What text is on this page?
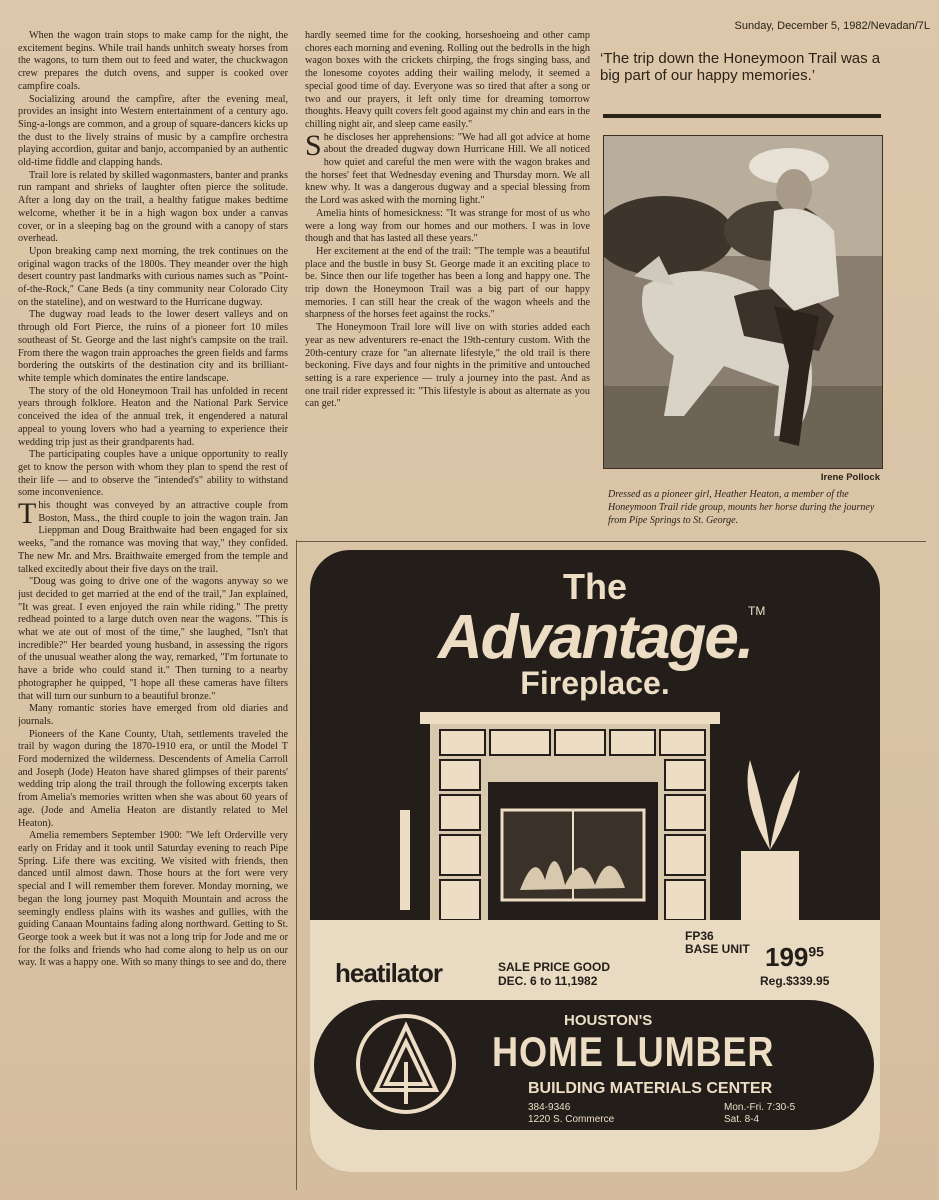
Sunday, December 5, 1982/Nevadan/7L

When the wagon train stops to make camp for the night, the excitement begins. While trail hands unhitch sweaty horses from the wagons, to turn them out to feed and water, the chuckwagon crew prepares the dutch ovens, and supper is cooked over campfire coals.

Socializing around the campfire, after the evening meal, provides an insight into Western entertainment of a century ago. Sing-a-longs are common, and a group of square-dancers kicks up the dust to the lively strains of music by a campfire orchestra playing accordion, guitar and banjo, accompanied by an authentic old-time fiddle and clapping hands.

Trail lore is related by skilled wagonmasters, banter and pranks run rampant and shrieks of laughter often pierce the solitude. After a long day on the trail, a healthy fatigue makes bedtime welcome, whether it be in a high wagon box under a canvas cover, or in a sleeping bag on the ground with a canopy of stars overhead.

Upon breaking camp next morning, the trek continues on the original wagon tracks of the 1800s. They meander over the high desert country past landmarks with curious names such as "Point-of-the-Rock," Cane Beds (a tiny community near Colorado City on the stateline), and on westward to the Hurricane dugway.

The dugway road leads to the lower desert valleys and on through old Fort Pierce, the ruins of a pioneer fort 10 miles southeast of St. George and the last night's campsite on the trail. From there the wagon train approaches the green fields and farms bordering the outskirts of the destination city and its brilliant-white temple which dominates the entire landscape.

The story of the old Honeymoon Trail has unfolded in recent years through folklore. Heaton and the National Park Service conceived the idea of the annual trek, it engendered a natural appeal to young lovers who had a yearning to experience their wedding trip just as their grandparents had.

The participating couples have a unique opportunity to really get to know the person with whom they plan to spend the rest of their life — and to observe the "intended's" ability to withstand some inconvenience.

This thought was conveyed by an attractive couple from Boston, Mass., the third couple to join the wagon train. Jan Lieppman and Doug Braithwaite had been engaged for six weeks, "and the romance was moving that way," they confided. The new Mr. and Mrs. Braithwaite emerged from the temple and talked excitedly about their five days on the trail.

"Doug was going to drive one of the wagons anyway so we just decided to get married at the end of the trail," Jan explained, "It was great. I even enjoyed the rain while riding." The pretty redhead pointed to a large dutch oven near the wagons. "This is what we ate out of most of the time," she laughed, "Isn't that incredible?" Her bearded young husband, in assessing the rigors of the unusual weather along the way, remarked, "I'm fortunate to have a bride who could stand it." Then turning to a nearby photographer he quipped, "I hope all these cameras have filters that will turn our sunburn to a beautiful bronze."

Many romantic stories have emerged from old diaries and journals.

Pioneers of the Kane County, Utah, settlements traveled the trail by wagon during the 1870-1910 era, or until the Model T Ford modernized the wilderness. Descendents of Amelia Carroll and Joseph (Jode) Heaton have shared glimpses of their parents' wedding trip along the trail through the following excerpts taken from Amelia's memories written when she was about 60 years of age. (Jode and Amelia Heaton are distantly related to Mel Heaton).

Amelia remembers September 1900: "We left Orderville very early on Friday and it took until Saturday evening to reach Pipe Spring. Life there was exciting. We visited with friends, then danced until almost dawn. Those hours at the fort were very special and I will remember them forever. Monday morning, we began the long journey past Moquith Mountain and across the seemingly endless plains with its washes and gullies, with the guiding Canaan Mountains fading along northward. Getting to St. George took a week but it was not a long trip for Jode and me or for the folks and friends who had come along to help us on our way. It was a happy one. With so many things to see and do, there

hardly seemed time for the cooking, horseshoeing and other camp chores each morning and evening. Rolling out the bedrolls in the high wagon boxes with the crickets chirping, the frogs singing bass, and the lonesome coyotes adding their wailing melody, it seemed a special good time of day. Everyone was so tired that after a song or two and our prayers, it left only time for dreaming tomorrow thoughts. Heavy quilt covers felt good against my chin and ears in the chilling night air, and sleep came easily."

She discloses her apprehensions: "We had all got advice at home about the dreaded dugway down Hurricane Hill. We all noticed how quiet and careful the men were with the wagon brakes and the horses' feet that Wednesday evening and Thursday morn. We all knew why. It was a dangerous dugway and a special blessing from the Lord was asked with the morning light."

Amelia hints of homesickness: "It was strange for most of us who were a long way from our homes and our mothers. I was in love though and that has lasted all these years."

Her excitement at the end of the trail: "The temple was a beautiful place and the bustle in busy St. George made it an exciting place to be. Since then our life together has been a long and happy one. The trip down the Honeymoon Trail was a big part of our happy memories. I can still hear the creak of the wagon wheels and the sharpness of the horses feet against the rocks."

The Honeymoon Trail lore will live on with stories added each year as new adventurers re-enact the 19th-century custom. With the 20th-century craze for "an alternate lifestyle," the old trail is there beckoning. Five days and four nights in the primitive and untouched setting is a rare experience — truly a journey into the past. And as one trail rider expressed it: "This lifestyle is about as alternate as you can get."

‘The trip down the Honeymoon Trail was a big part of our happy memories.’
Irene Pollock
Dressed as a pioneer girl, Heather Heaton, a member of the Honeymoon Trail ride group, mounts her horse during the journey from Pipe Springs to St. George.
The
Advantage.
TM
Fireplace.
heatilator	SALE PRICE GOOD
DEC. 6 to 11,1982
FP36
BASE UNIT $199^{95}$
Reg.$339.95
HOUSTON'S
HOME LUMBER
BUILDING MATERIALS CENTER
384-9346
1220 S. Commerce
Mon.-Fri. 7:30-5
Sat. 8-4
